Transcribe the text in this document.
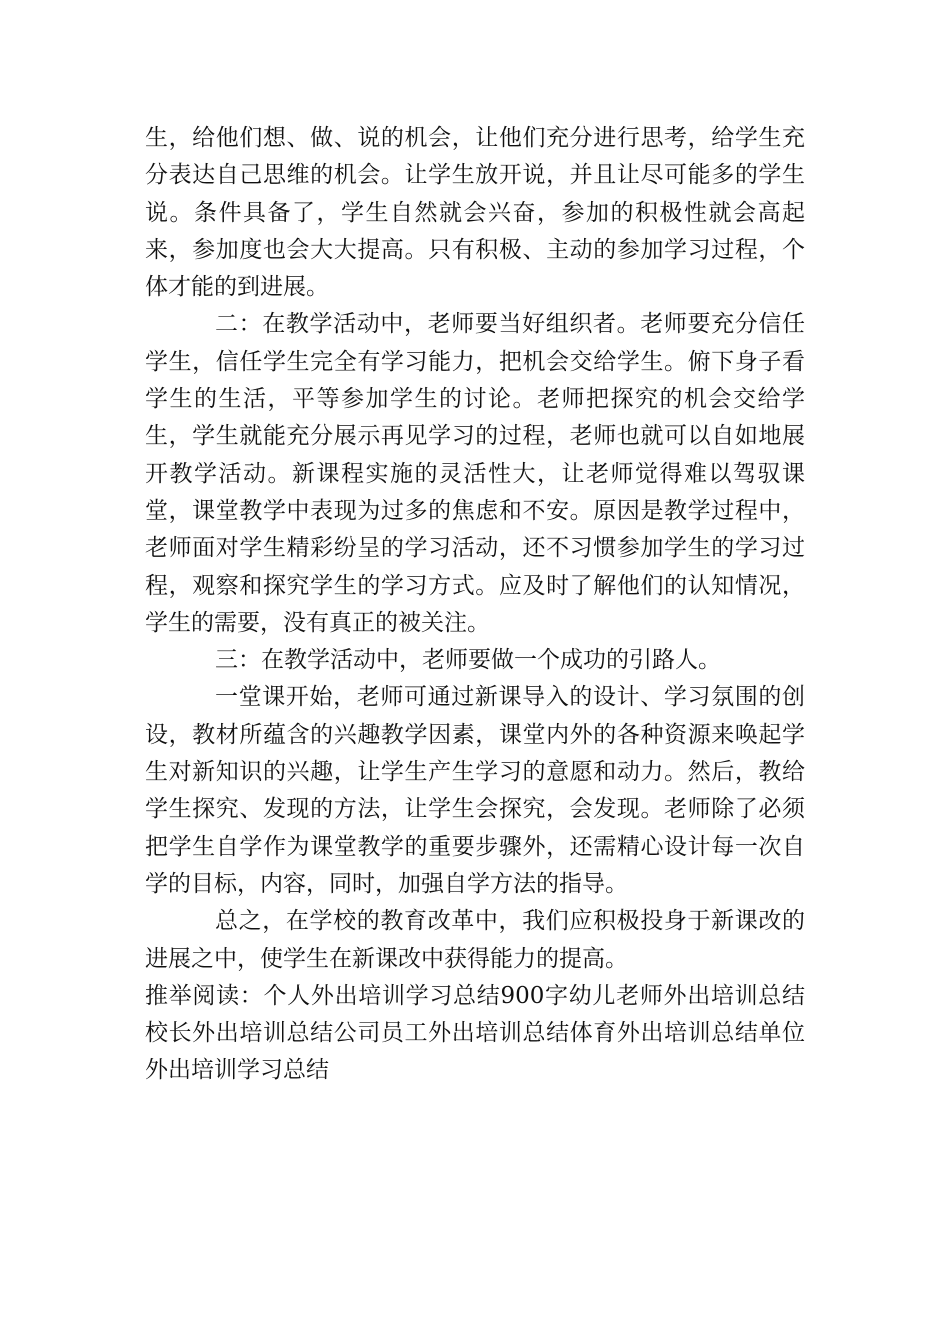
生，给他们想、做、说的机会，让他们充分进行思考，给学生充分表达自己思维的机会。让学生放开说，并且让尽可能多的学生说。条件具备了，学生自然就会兴奋，参加的积极性就会高起来，参加度也会大大提高。只有积极、主动的参加学习过程，个体才能的到进展。

二：在教学活动中，老师要当好组织者。老师要充分信任学生，信任学生完全有学习能力，把机会交给学生。俯下身子看学生的生活，平等参加学生的讨论。老师把探究的机会交给学生，学生就能充分展示再见学习的过程，老师也就可以自如地展开教学活动。新课程实施的灵活性大，让老师觉得难以驾驭课堂，课堂教学中表现为过多的焦虑和不安。原因是教学过程中，老师面对学生精彩纷呈的学习活动，还不习惯参加学生的学习过程，观察和探究学生的学习方式。应及时了解他们的认知情况，学生的需要，没有真正的被关注。

三：在教学活动中，老师要做一个成功的引路人。

一堂课开始，老师可通过新课导入的设计、学习氛围的创设，教材所蕴含的兴趣教学因素，课堂内外的各种资源来唤起学生对新知识的兴趣，让学生产生学习的意愿和动力。然后，教给学生探究、发现的方法，让学生会探究，会发现。老师除了必须把学生自学作为课堂教学的重要步骤外，还需精心设计每一次自学的目标，内容，同时，加强自学方法的指导。

总之，在学校的教育改革中，我们应积极投身于新课改的进展之中，使学生在新课改中获得能力的提高。

推举阅读：个人外出培训学习总结900字幼儿老师外出培训总结校长外出培训总结公司员工外出培训总结体育外出培训总结单位外出培训学习总结
